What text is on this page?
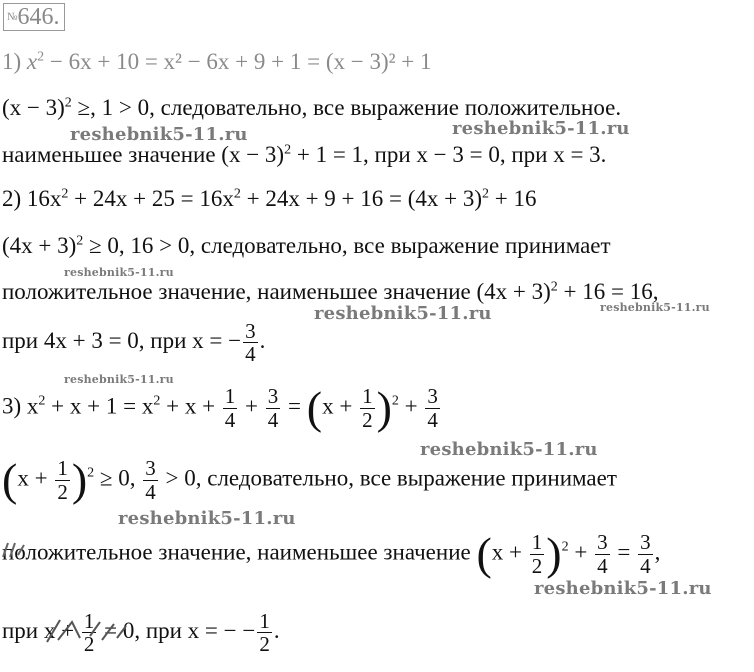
№646.
1) $x^2 - 6x + 10 = x^2 - 6x + 9 + 1 = (x - 3)^2 + 1$
$(x - 3)^2$ ≥, 1 > 0, следовательно, все выражение положительное.
наименьшее значение $(x - 3)^2 + 1 = 1$, при x − 3 = 0, при x = 3.
2) $16x^2 + 24x + 25 = 16x^2 + 24x + 9 + 16 = (4x + 3)^2 + 16$
$(4x + 3)^2 \ge 0$, 16 > 0, следовательно, все выражение принимает
положительное значение, наименьшее значение $(4x + 3)^2 + 16 = 16$,
при 4x + 3 = 0, при x = − $\frac{3}{4}$ .
3) $x^2 + x + 1 = x^2 + x + \frac{1}{4} + \frac{3}{4} = (x + \frac{1}{2} )^2 + \frac{3}{4}$
$(x + \frac{1}{2} )^2 \ge 0$, $\frac{3}{4} > 0$, следовательно, все выражение принимает
положительное значение, наименьшее значение $(x + \frac{1}{2} )^2 + \frac{3}{4} = \frac{3}{4}$ ,
при $x + \frac{1}{2} = 0$, при x = − − $\frac{1}{2}$ .
reshebnik5-11.ru	reshebnik5-11.ru
reshebnik5-11.ru
reshebnik5-11.ru	reshebnik5-11.ru
reshebnik5-11.ru
reshebnik5-11.ru
reshebnik5-11.ru
reshebnik5-11.ru
